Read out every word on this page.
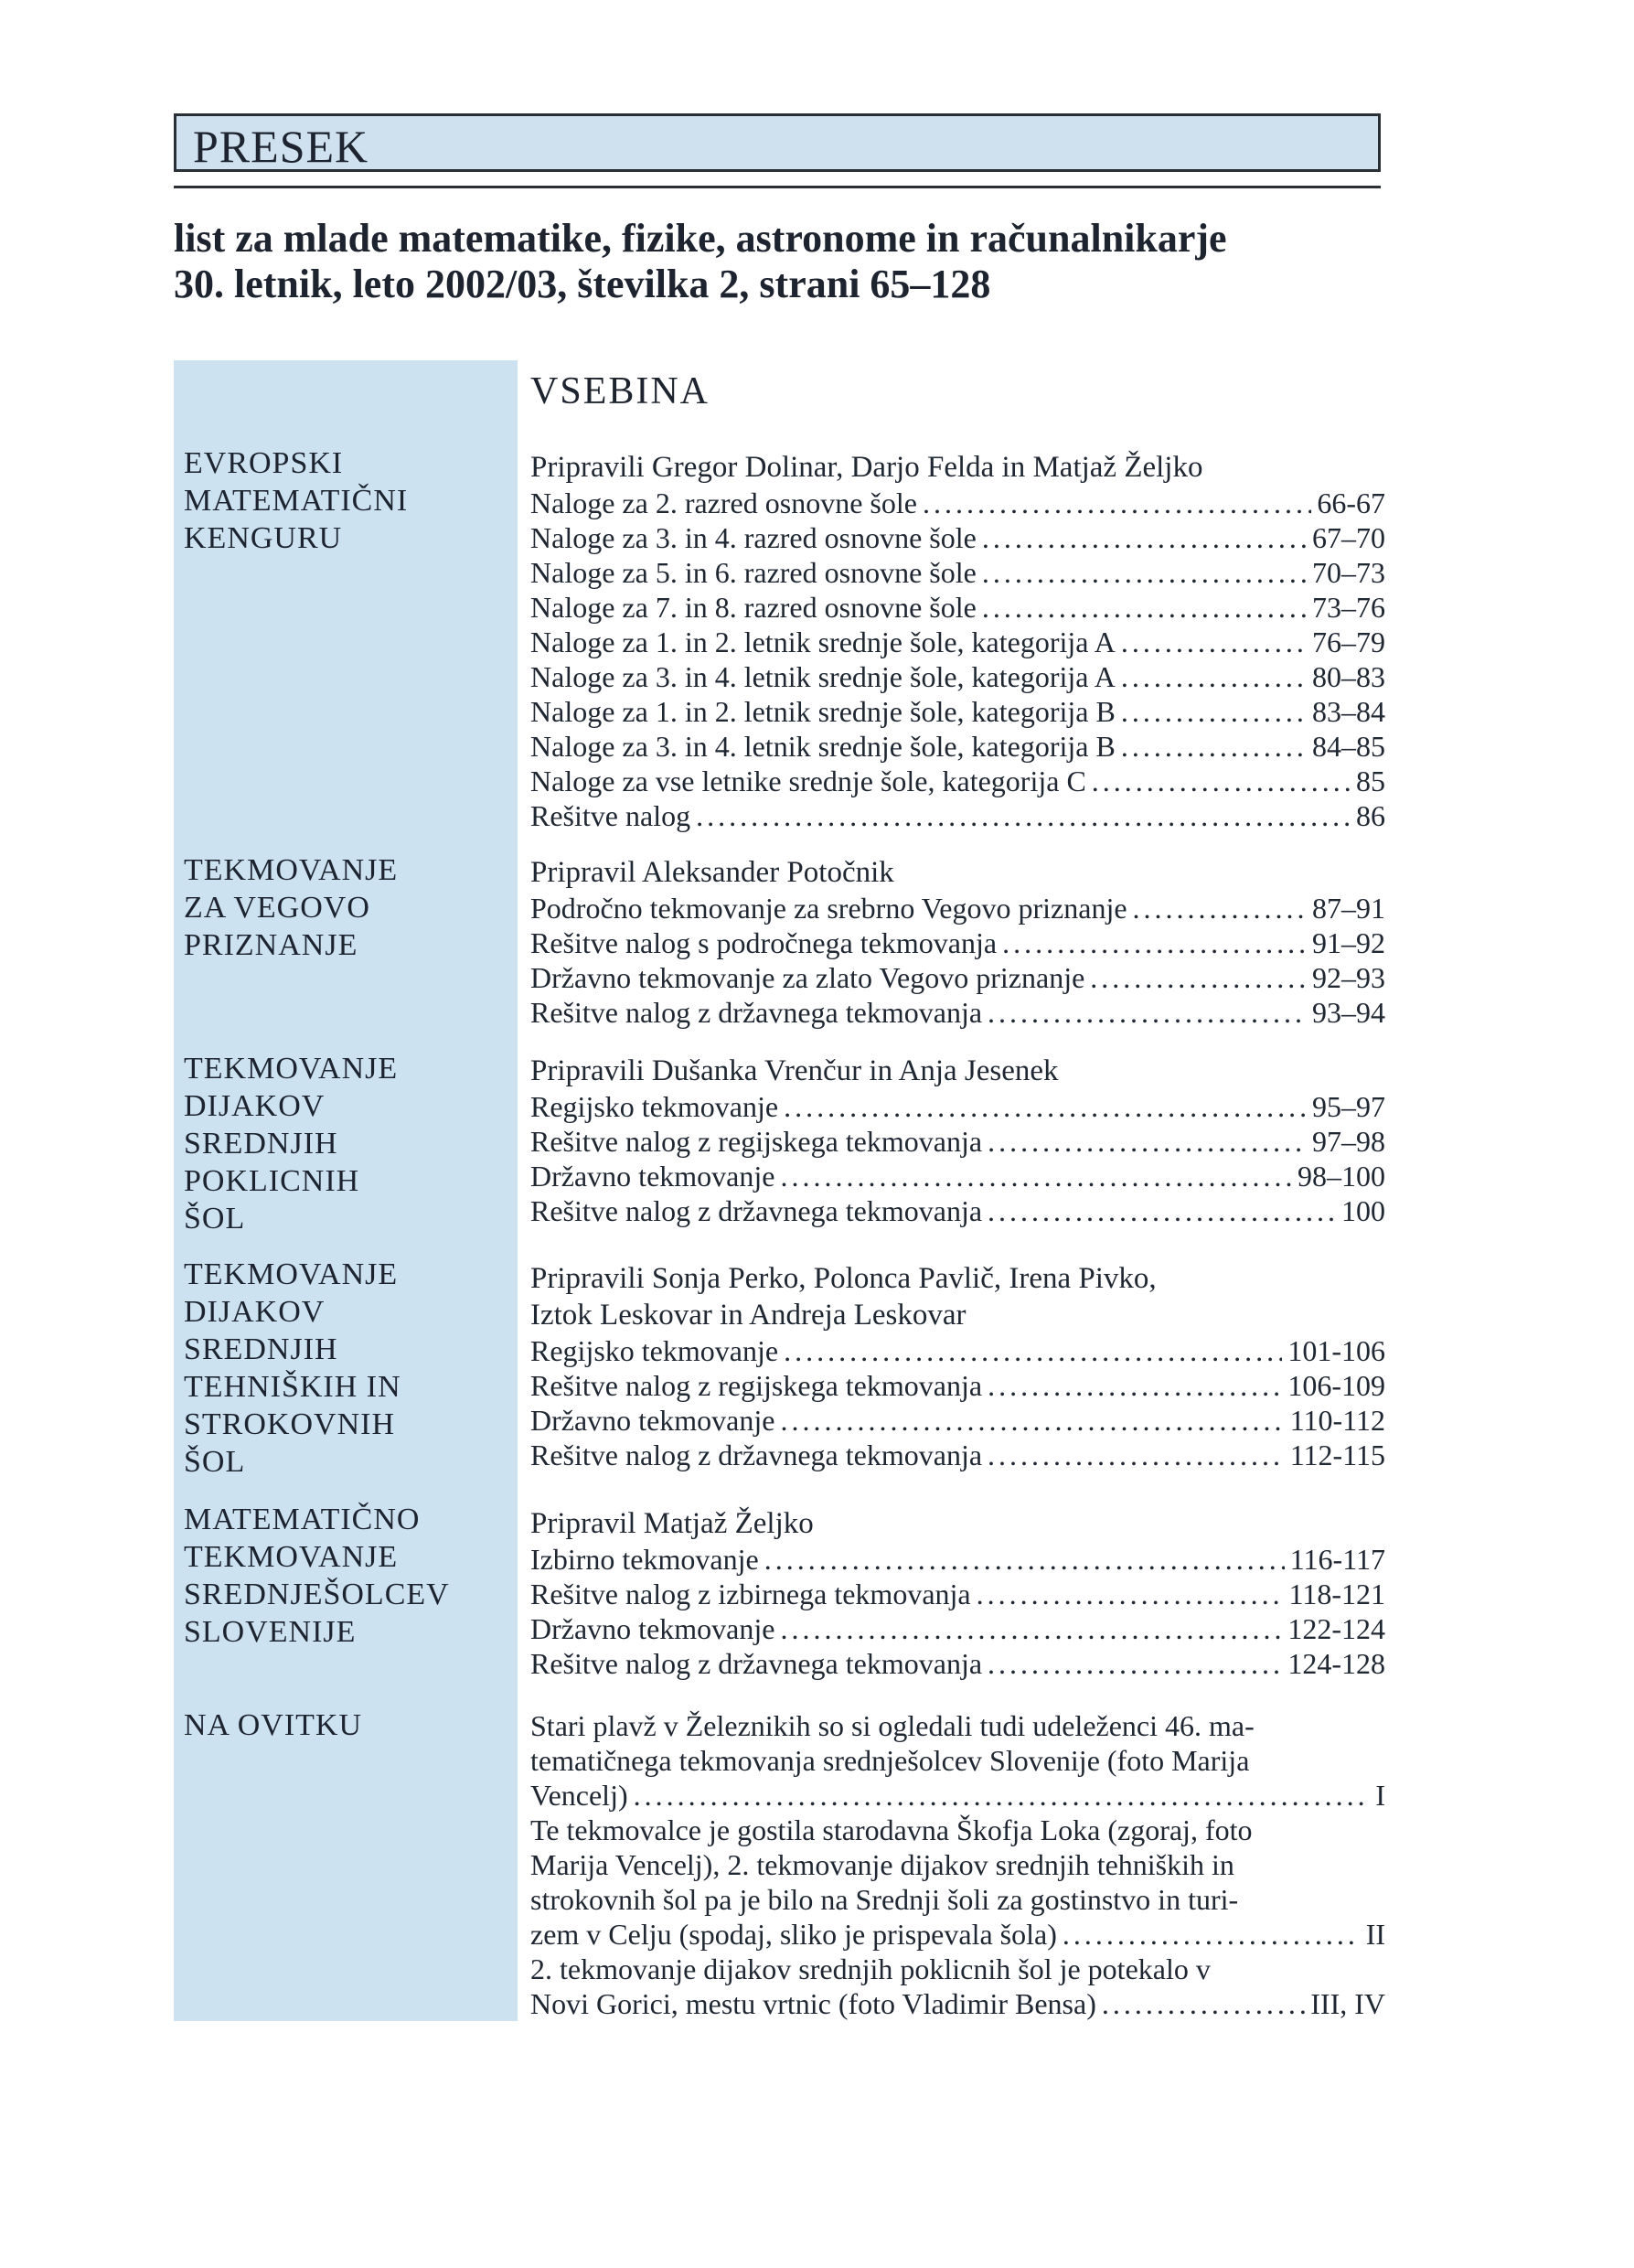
PRESEK
list za mlade matematike, fizike, astronome in računalnikarje
30. letnik, leto 2002/03, številka 2, strani 65–128
VSEBINA
EVROPSKI
MATEMATIČNI
KENGURU
Pripravili Gregor Dolinar, Darjo Felda in Matjaž Željko
Naloge za 2. razred osnovne šole .....	66-67
Naloge za 3. in 4. razred osnovne šole .....	67–70
Naloge za 5. in 6. razred osnovne šole .....	70–73
Naloge za 7. in 8. razred osnovne šole .....	73–76
Naloge za 1. in 2. letnik srednje šole, kategorija A .....	76–79
Naloge za 3. in 4. letnik srednje šole, kategorija A .....	80–83
Naloge za 1. in 2. letnik srednje šole, kategorija B .....	83–84
Naloge za 3. in 4. letnik srednje šole, kategorija B .....	84–85
Naloge za vse letnike srednje šole, kategorija C .....	85
Rešitve nalog .....	86
TEKMOVANJE
ZA VEGOVO
PRIZNANJE
Pripravil Aleksander Potočnik
Področno tekmovanje za srebrno Vegovo priznanje .....	87–91
Rešitve nalog s področnega tekmovanja .....	91–92
Državno tekmovanje za zlato Vegovo priznanje .....	92–93
Rešitve nalog z državnega tekmovanja .....	93–94
TEKMOVANJE
DIJAKOV
SREDNJIH
POKLICNIH
ŠOL
Pripravili Dušanka Vrenčur in Anja Jesenek
Regijsko tekmovanje .....	95–97
Rešitve nalog z regijskega tekmovanja .....	97–98
Državno tekmovanje .....	98–100
Rešitve nalog z državnega tekmovanja .....	100
TEKMOVANJE
DIJAKOV
SREDNJIH
TEHNIŠKIH IN
STROKOVNIH
ŠOL
Pripravili Sonja Perko, Polonca Pavlič, Irena Pivko,
Iztok Leskovar in Andreja Leskovar
Regijsko tekmovanje .....	101-106
Rešitve nalog z regijskega tekmovanja .....	106-109
Državno tekmovanje .....	110-112
Rešitve nalog z državnega tekmovanja .....	112-115
MATEMATIČNO
TEKMOVANJE
SREDNJEŠOLCEV
SLOVENIJE
Pripravil Matjaž Željko
Izbirno tekmovanje .....	116-117
Rešitve nalog z izbirnega tekmovanja .....	118-121
Državno tekmovanje .....	122-124
Rešitve nalog z državnega tekmovanja .....	124-128
NA OVITKU	Stari plavž v Železnikih so si ogledali tudi udeleženci 46. ma-
tematičnega tekmovanja srednješolcev Slovenije (foto Marija
Vencelj) .....	I
Te tekmovalce je gostila starodavna Škofja Loka (zgoraj, foto
Marija Vencelj), 2. tekmovanje dijakov srednjih tehniških in
strokovnih šol pa je bilo na Srednji šoli za gostinstvo in turi-
zem v Celju (spodaj, sliko je prispevala šola) .....	II
2. tekmovanje dijakov srednjih poklicnih šol je potekalo v
Novi Gorici, mestu vrtnic (foto Vladimir Bensa) .....	III, IV
